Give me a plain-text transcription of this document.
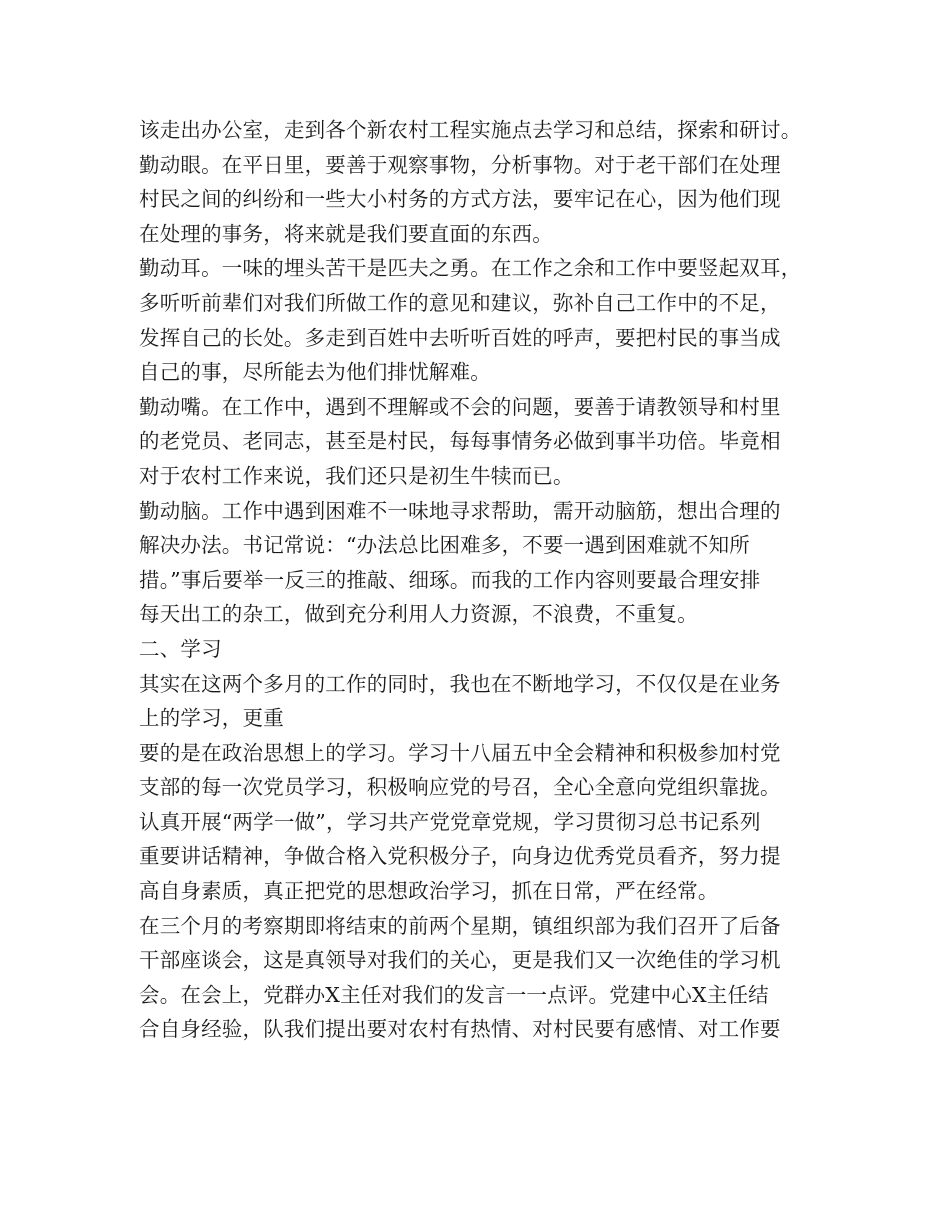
该走出办公室，走到各个新农村工程实施点去学习和总结，探索和研讨。
勤动眼。在平日里，要善于观察事物，分析事物。对于老干部们在处理
村民之间的纠纷和一些大小村务的方式方法，要牢记在心，因为他们现
在处理的事务，将来就是我们要直面的东西。
勤动耳。一味的埋头苦干是匹夫之勇。在工作之余和工作中要竖起双耳，
多听听前辈们对我们所做工作的意见和建议，弥补自己工作中的不足，
发挥自己的长处。多走到百姓中去听听百姓的呼声，要把村民的事当成
自己的事，尽所能去为他们排忧解难。
勤动嘴。在工作中，遇到不理解或不会的问题，要善于请教领导和村里
的老党员、老同志，甚至是村民，每每事情务必做到事半功倍。毕竟相
对于农村工作来说，我们还只是初生牛犊而已。
勤动脑。工作中遇到困难不一味地寻求帮助，需开动脑筋，想出合理的
解决办法。书记常说：“办法总比困难多，不要一遇到困难就不知所
措。”事后要举一反三的推敲、细琢。而我的工作内容则要最合理安排
每天出工的杂工，做到充分利用人力资源，不浪费，不重复。
二、学习
其实在这两个多月的工作的同时，我也在不断地学习，不仅仅是在业务
上的学习，更重
要的是在政治思想上的学习。学习十八届五中全会精神和积极参加村党
支部的每一次党员学习，积极响应党的号召，全心全意向党组织靠拢。
认真开展“两学一做”，学习共产党党章党规，学习贯彻习总书记系列
重要讲话精神，争做合格入党积极分子，向身边优秀党员看齐，努力提
高自身素质，真正把党的思想政治学习，抓在日常，严在经常。
在三个月的考察期即将结束的前两个星期，镇组织部为我们召开了后备
干部座谈会，这是真领导对我们的关心，更是我们又一次绝佳的学习机
会。在会上，党群办X主任对我们的发言一一点评。党建中心X主任结
合自身经验，队我们提出要对农村有热情、对村民要有感情、对工作要
